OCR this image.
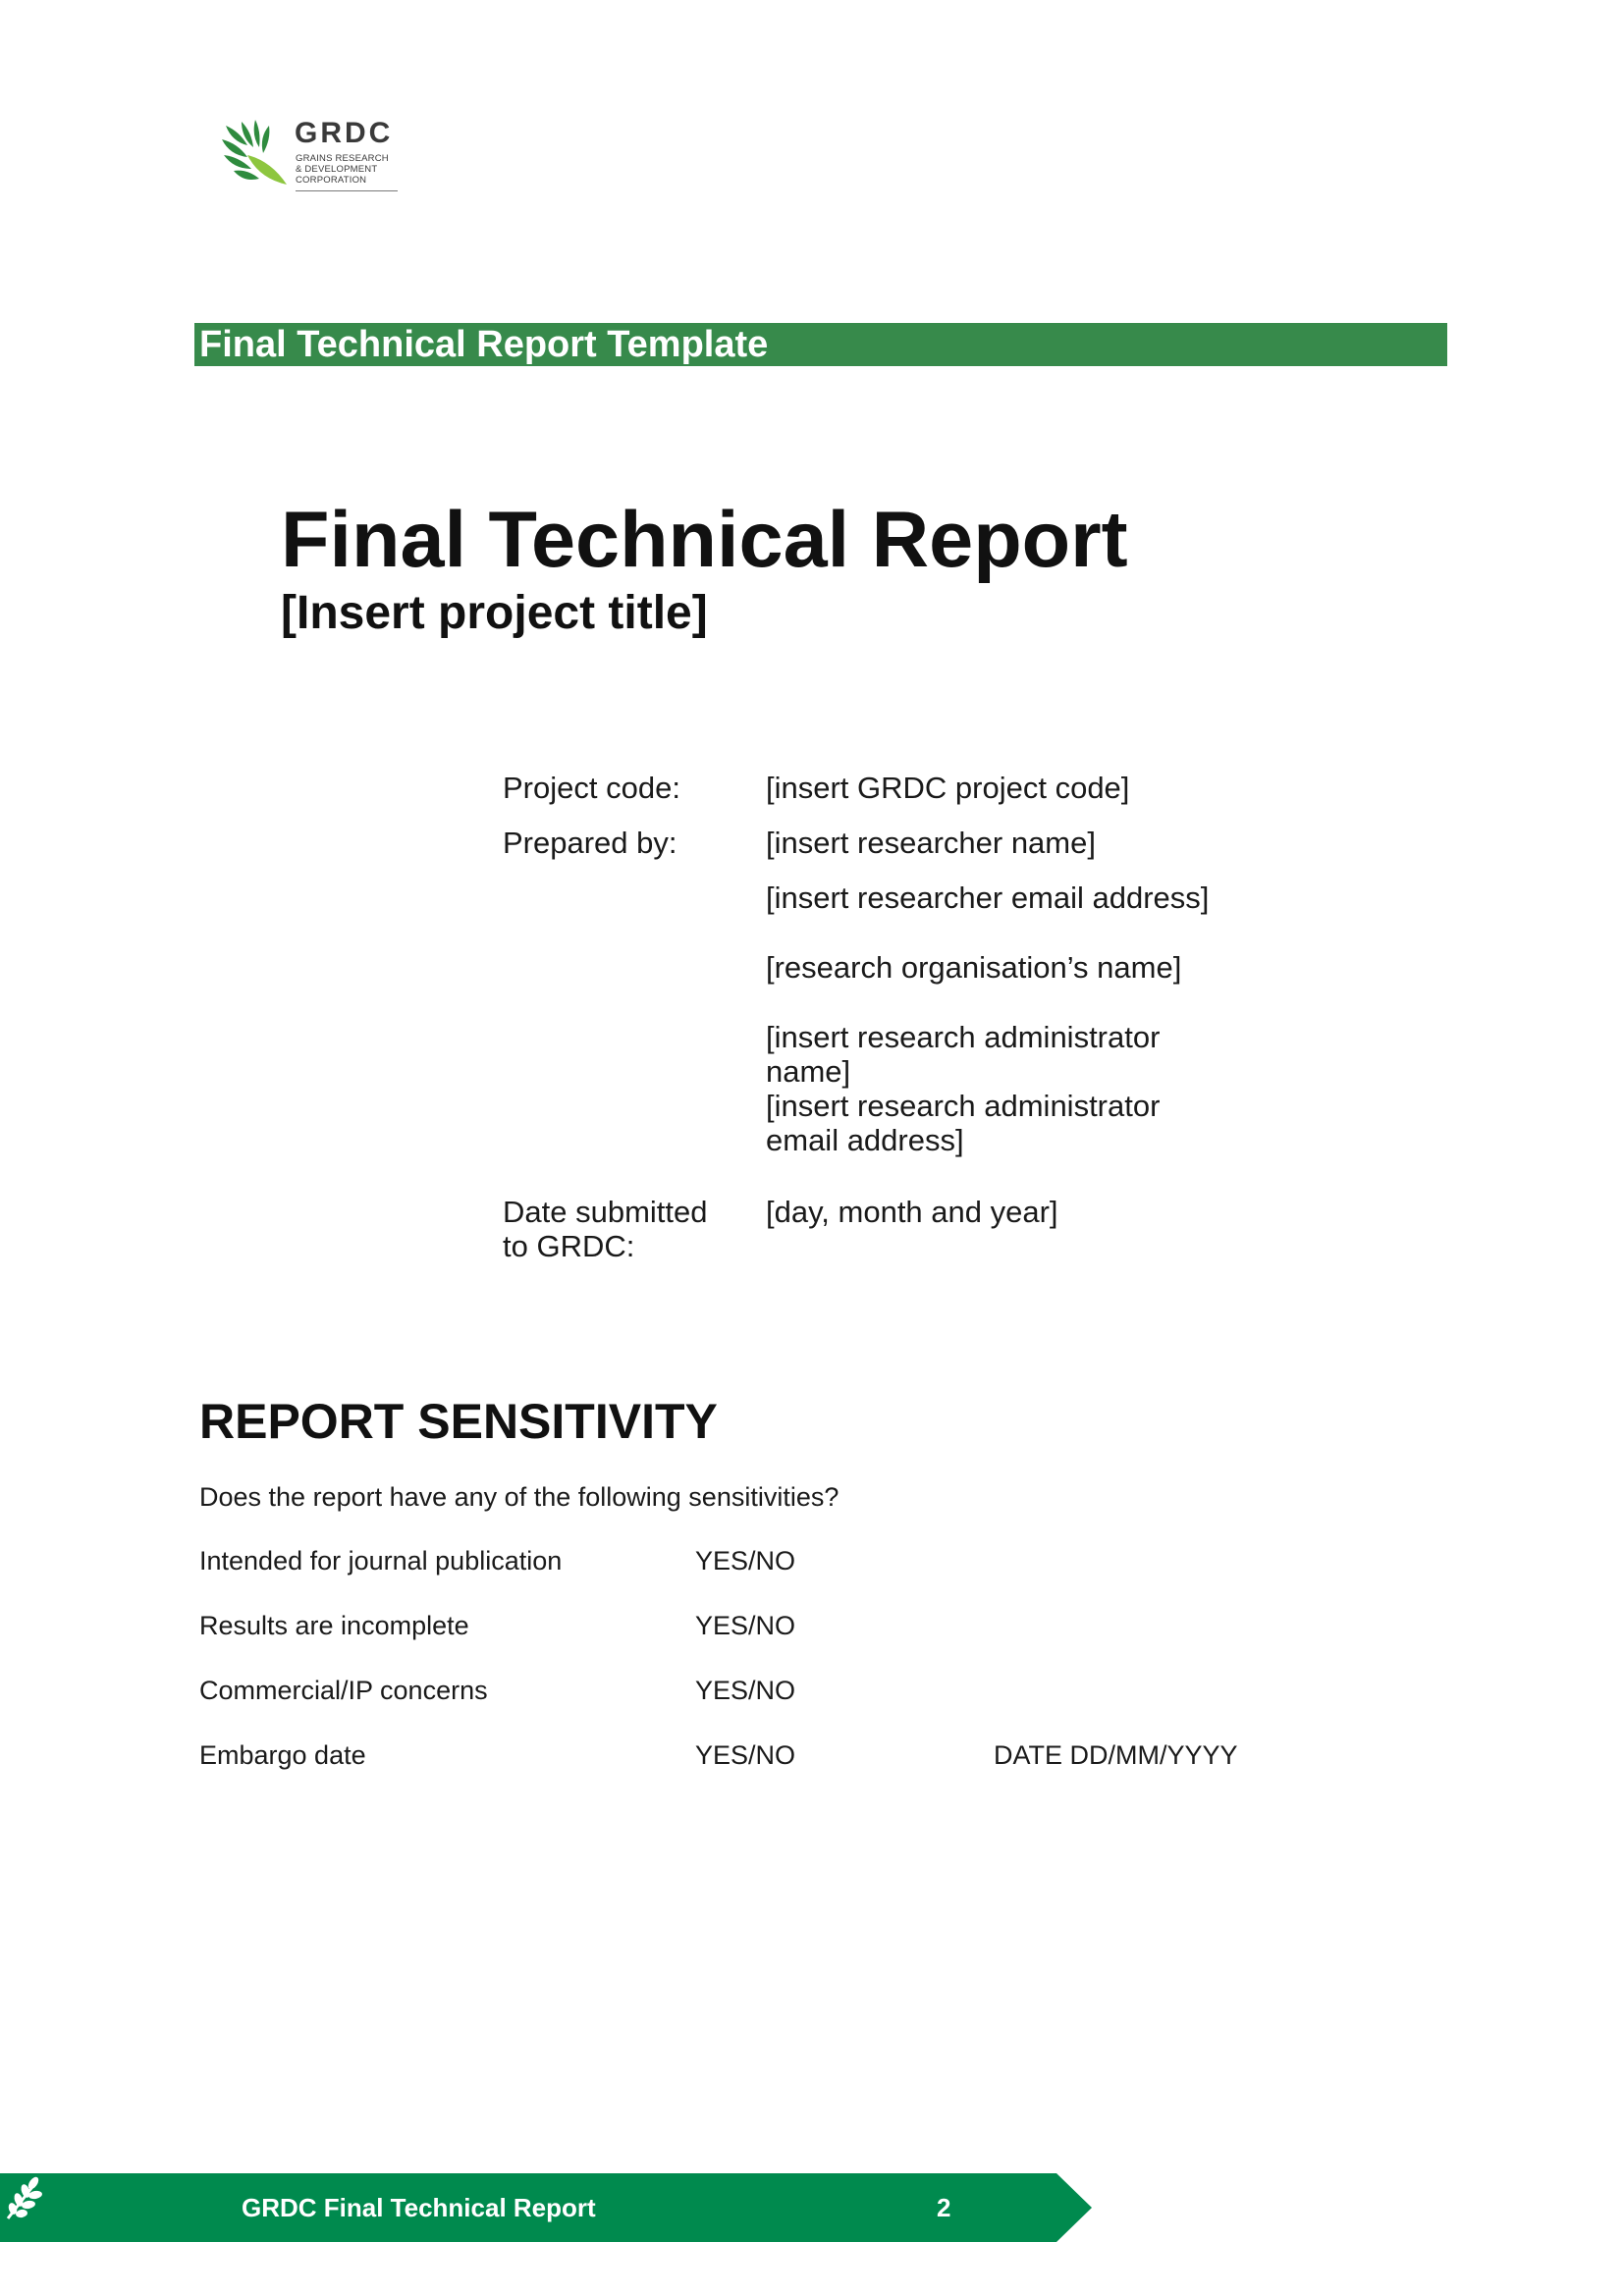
GRDC
GRAINS RESEARCH
& DEVELOPMENT
CORPORATION
Final Technical Report Template
Final Technical Report
[Insert project title]
Project code:	[insert GRDC project code]
Prepared by:	[insert researcher name]
[insert researcher email address]
[research organisation’s name]
[insert research administrator name]
[insert research administrator email address]
Date submitted to GRDC:
[day, month and year]
REPORT SENSITIVITY
Does the report have any of the following sensitivities?
Intended for journal publication	YES/NO
Results are incomplete	YES/NO
Commercial/IP concerns	YES/NO
Embargo date	YES/NO	DATE DD/MM/YYYY
GRDC Final Technical Report	2
